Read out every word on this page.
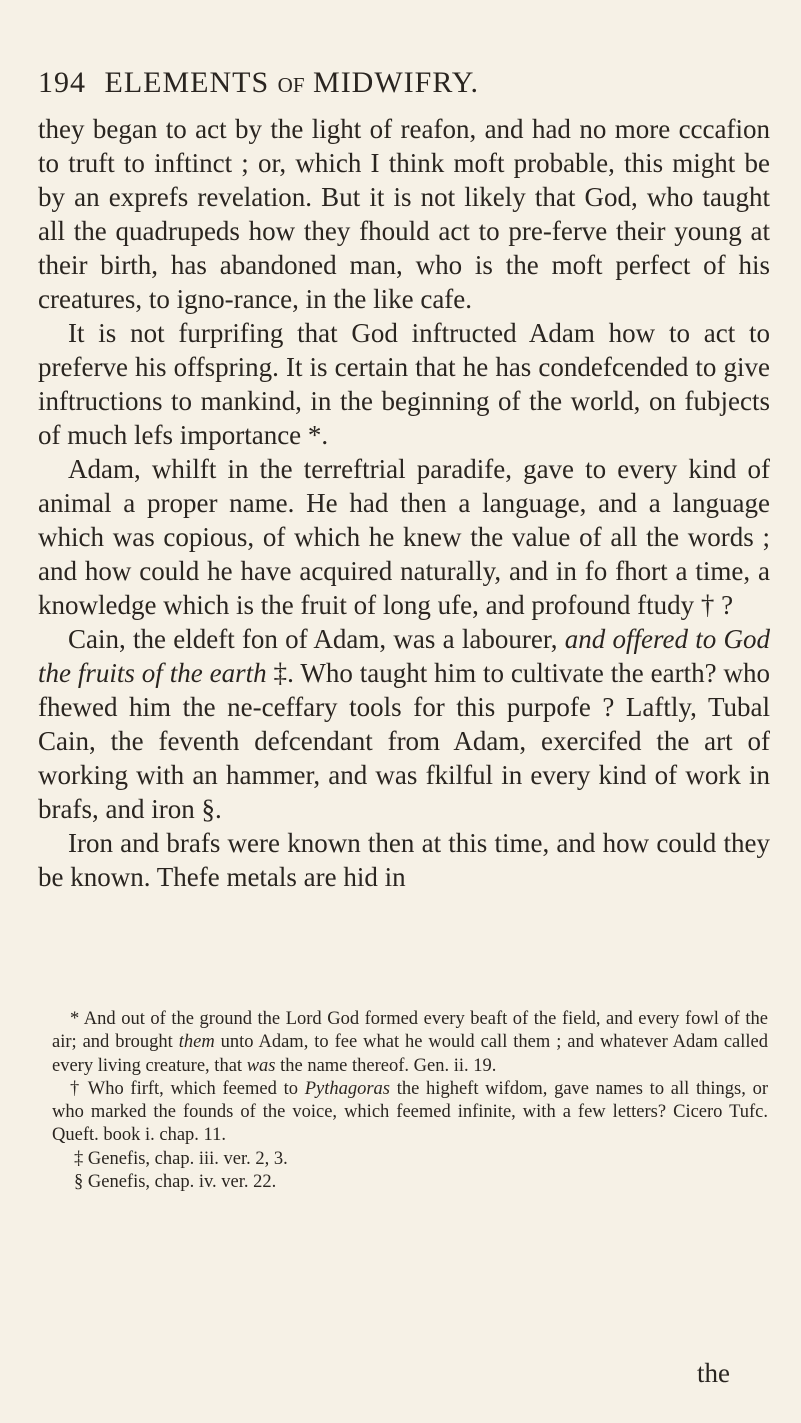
194 ELEMENTS OF MIDWIFRY.

they began to act by the light of reafon, and had no more cccafion to truft to inftinct ; or, which I think moft probable, this might be by an exprefs revelation. But it is not likely that God, who taught all the quadrupeds how they fhould act to pre-ferve their young at their birth, has abandoned man, who is the moft perfect of his creatures, to igno-rance, in the like cafe.

It is not furprifing that God inftructed Adam how to act to preferve his offspring. It is certain that he has condefcended to give inftructions to mankind, in the beginning of the world, on fubjects of much lefs importance *.

Adam, whilft in the terreftrial paradife, gave to every kind of animal a proper name. He had then a language, and a language which was copious, of which he knew the value of all the words ; and how could he have acquired naturally, and in fo fhort a time, a knowledge which is the fruit of long ufe, and profound ftudy † ?

Cain, the eldeft fon of Adam, was a labourer, and offered to God the fruits of the earth ‡. Who taught him to cultivate the earth? who fhewed him the ne-ceffary tools for this purpofe ? Laftly, Tubal Cain, the feventh defcendant from Adam, exercifed the art of working with an hammer, and was fkilful in every kind of work in brafs, and iron §.

Iron and brafs were known then at this time, and how could they be known. Thefe metals are hid in

* And out of the ground the Lord God formed every beaft of the field, and every fowl of the air; and brought them unto Adam, to fee what he would call them ; and whatever Adam called every living creature, that was the name thereof. Gen. ii. 19.

† Who firft, which feemed to Pythagoras the higheft wifdom, gave names to all things, or who marked the founds of the voice, which feemed infinite, with a few letters? Cicero Tufc. Queft. book i. chap. 11.

‡ Genefis, chap. iii. ver. 2, 3.

§ Genefis, chap. iv. ver. 22.

the
